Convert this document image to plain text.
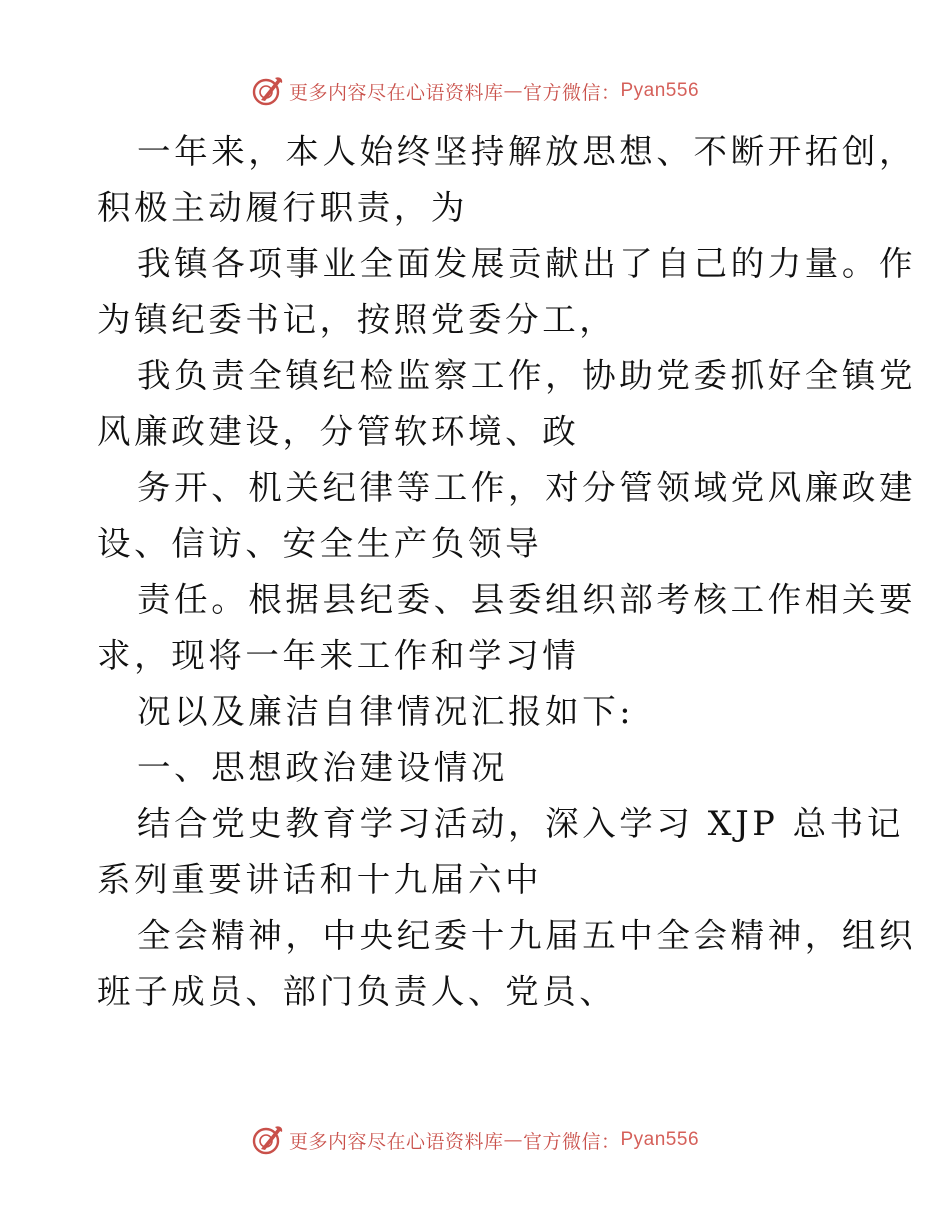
更多内容尽在心语资料库 — 官方微信： Pyan556
一年来，本人始终坚持解放思想、不断开拓创，
积极主动履行职责，为
我镇各项事业全面发展贡献出了自己的力量。作
为镇纪委书记，按照党委分工，
我负责全镇纪检监察工作，协助党委抓好全镇党
风廉政建设，分管软环境、政
务开、机关纪律等工作，对分管领域党风廉政建
设、信访、安全生产负领导
责任。根据县纪委、县委组织部考核工作相关要
求，现将一年来工作和学习情
况以及廉洁自律情况汇报如下:
一、思想政治建设情况
结合党史教育学习活动，深入学习 XJP 总书记
系列重要讲话和十九届六中
全会精神，中央纪委十九届五中全会精神，组织
班子成员、部门负责人、党员、
更多内容尽在心语资料库 — 官方微信： Pyan556
